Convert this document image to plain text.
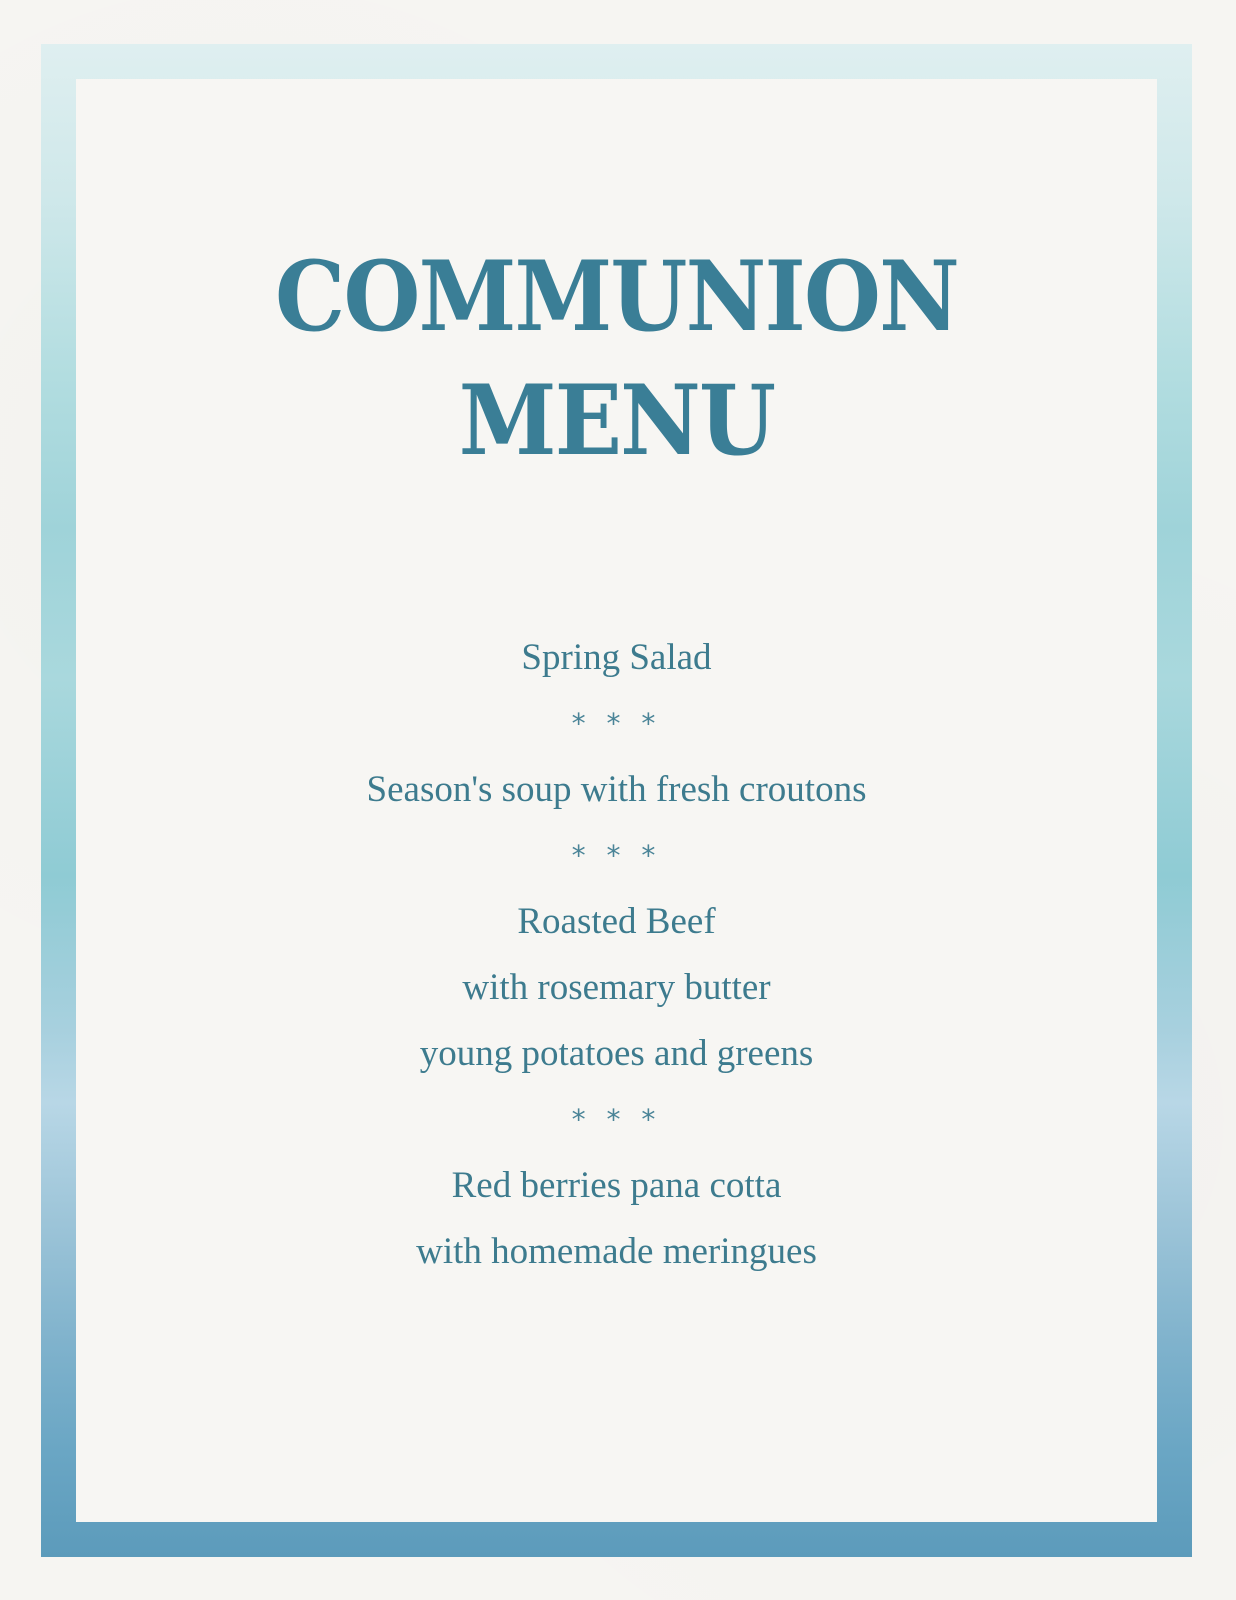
COMMUNION
MENU
Spring Salad
* * *
Season's soup with fresh croutons
* * *
Roasted Beef
with rosemary butter
young potatoes and greens
* * *
Red berries pana cotta
with homemade meringues
